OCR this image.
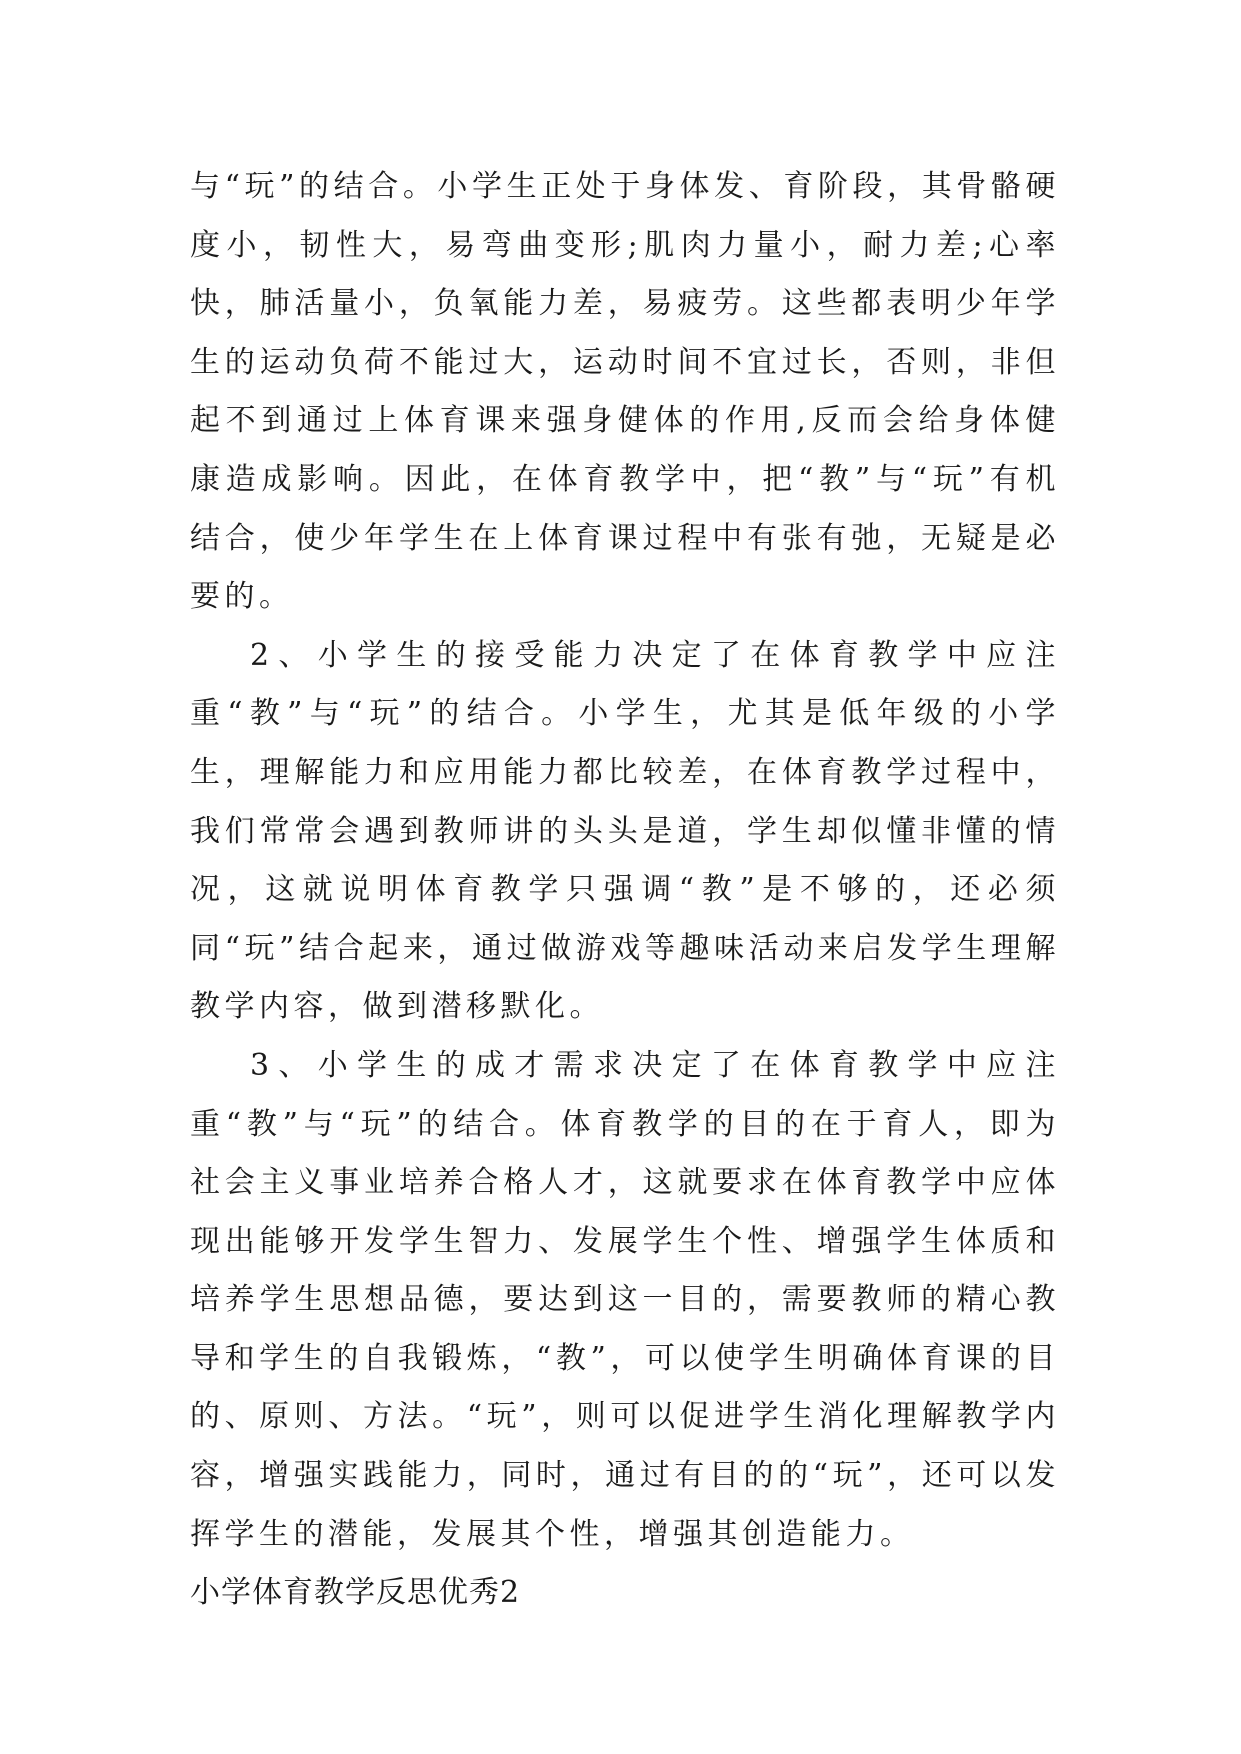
与“玩”的结合。小学生正处于身体发、育阶段，其骨骼硬度小，韧性大，易弯曲变形;肌肉力量小，耐力差;心率快，肺活量小，负氧能力差，易疲劳。这些都表明少年学生的运动负荷不能过大，运动时间不宜过长，否则，非但起不到通过上体育课来强身健体的作用,反而会给身体健康造成影响。因此，在体育教学中，把“教”与“玩”有机结合，使少年学生在上体育课过程中有张有弛，无疑是必要的。

2、小学生的接受能力决定了在体育教学中应注重“教”与“玩”的结合。小学生，尤其是低年级的小学生，理解能力和应用能力都比较差，在体育教学过程中，我们常常会遇到教师讲的头头是道，学生却似懂非懂的情况，这就说明体育教学只强调“教”是不够的，还必须同“玩”结合起来，通过做游戏等趣味活动来启发学生理解教学内容，做到潜移默化。

3、小学生的成才需求决定了在体育教学中应注重“教”与“玩”的结合。体育教学的目的在于育人，即为社会主义事业培养合格人才，这就要求在体育教学中应体现出能够开发学生智力、发展学生个性、增强学生体质和培养学生思想品德，要达到这一目的，需要教师的精心教导和学生的自我锻炼，“教”，可以使学生明确体育课的目的、原则、方法。“玩”，则可以促进学生消化理解教学内容，增强实践能力，同时，通过有目的的“玩”，还可以发挥学生的潜能，发展其个性，增强其创造能力。

小学体育教学反思优秀2
